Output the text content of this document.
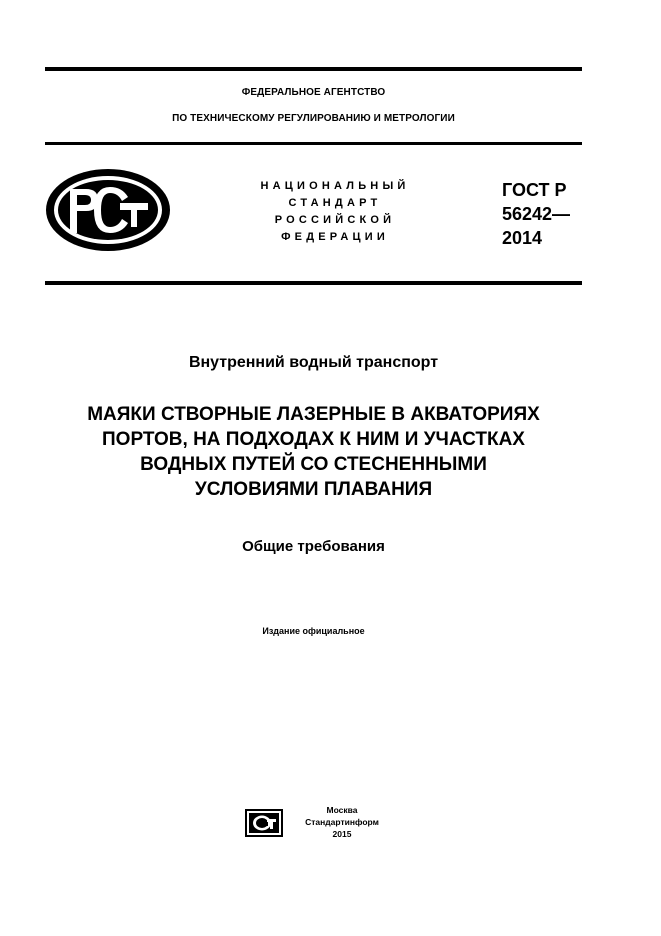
ФЕДЕРАЛЬНОЕ АГЕНТСТВО
ПО ТЕХНИЧЕСКОМУ РЕГУЛИРОВАНИЮ И МЕТРОЛОГИИ
НАЦИОНАЛЬНЫЙ
СТАНДАРТ
РОССИЙСКОЙ
ФЕДЕРАЦИИ
ГОСТ Р
56242—
2014
Внутренний водный транспорт
МАЯКИ СТВОРНЫЕ ЛАЗЕРНЫЕ В АКВАТОРИЯХ
ПОРТОВ, НА ПОДХОДАХ К НИМ И УЧАСТКАХ
ВОДНЫХ ПУТЕЙ СО СТЕСНЕННЫМИ
УСЛОВИЯМИ ПЛАВАНИЯ
Общие требования
Издание официальное
Москва
Стандартинформ
2015
